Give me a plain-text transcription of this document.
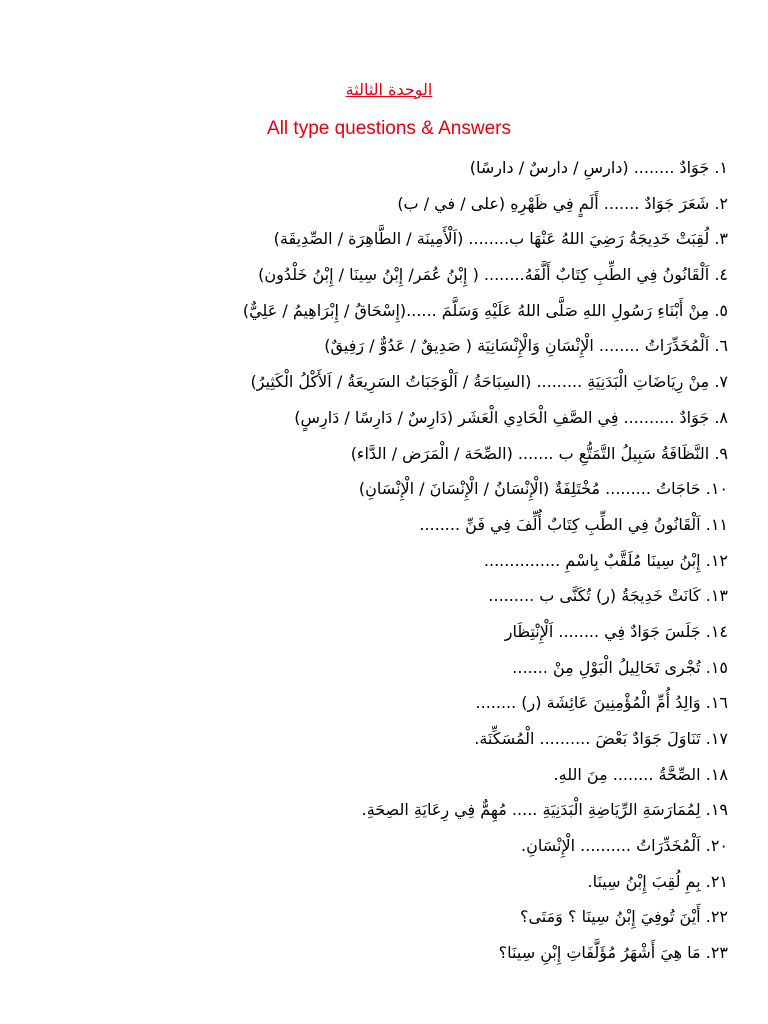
الوحدة الثالثة
All type questions & Answers
١. جَوَادٌ ........ (دارسِ / دارسٌ / دارسًا)
٢. شَعَرَ جَوَادٌ ....... أَلَمٍ فِي ظَهْرِهِ (على / في / ب)
٣. لُقِبَتْ خَدِيجَةُ رَضِيَ اللهُ عَنْهَا ب........ (اَلْأَمِينَة / الطَّاهِرَة / الصِّدِيقَة)
٤. اَلْقَانُونُ فِي الطِّبِ كِتَابٌ أَلَّفَهُ........ ( إِبْنُ عُمَر/ إِبْنُ سِينَا / إِبْنُ خَلْدُون)
٥. مِنْ أَبْنَاءِ رَسُولِ اللهِ صَلَّى اللهُ عَلَيْهِ وَسَلَّمَ ......(إِسْحَاقُ / إِبْرَاهِيمُ / عَلِيٌّ)
٦. اَلْمُخَدِّرَاتُ ........ الْإِنْسَانِ وَالْإِنْسَانِيَة ( صَدِيقٌ / عَدُوٌّ / رَفِيقٌ)
٧. مِنْ رِيَاضَاتِ الْبَدَنِيَةِ ......... (السِبَاحَةُ / اَلْوَجَبَاتُ السَرِيعَةُ / اَلأَكْلُ الْكَثِيرُ)
٨. جَوَادٌ .......... فِي الصَّفِ الْحَادِي الْعَشَر (دَارِسٌ / دَارِسًا / دَارِسٍ)
٩. النَّظَافَةُ سَبِيلُ التَّمَتُّعِ ب ....... (الصِّحَة / الْمَرَض / الدَّاء)
١٠. حَاجَاتُ ......... مُخْتَلِفَةٌ (الْإِنْسَانُ / الْإِنْسَانَ / الْإِنْسَانِ)
١١. اَلْقَانُونُ فِي الطِّبِ كِتَابٌ أُلِّفَ فِي فَنِّ ........
١٢. إِبْنُ سِينَا مُلَقَّبٌ بِاسْمِ ...............
١٣. كَانَتْ خَدِيجَةُ (ر) تُكَنَّى ب .........
١٤. جَلَسَ جَوَادٌ فِي ........ اَلْإِنْتِظَار
١٥. تُجْرى تَحَالِيلُ الْبَوْلِ مِنْ .......
١٦. وَالِدُ أُمِّ الْمُؤْمِنِينَ عَائِشَة (ر) ........
١٧. تَنَاوَلَ جَوَادٌ بَعْضَ .......... الْمُسَكِّنَة.
١٨. الصِّحَّةُ ........ مِنَ اللهِ.
١٩. لِمُمَارَسَةِ الرِّيَاضِةِ الْبَدَنِيَةِ ..... مُهِمٌّ فِي رِعَايَةِ الصِحَةِ.
٢٠. اَلْمُخَدِّرَاتُ .......... الْإِنْسَانِ.
٢١. بِمِ لُقِبَ إِبْنُ سِينَا.
٢٢. أَيْنَ تُوفِيَ إِبْنُ سِينَا ؟ وَمَتَى؟
٢٣. مَا هِيَ أَشْهَرُ مُؤَلَّفَاتِ إِبْنِ سِينَا؟
